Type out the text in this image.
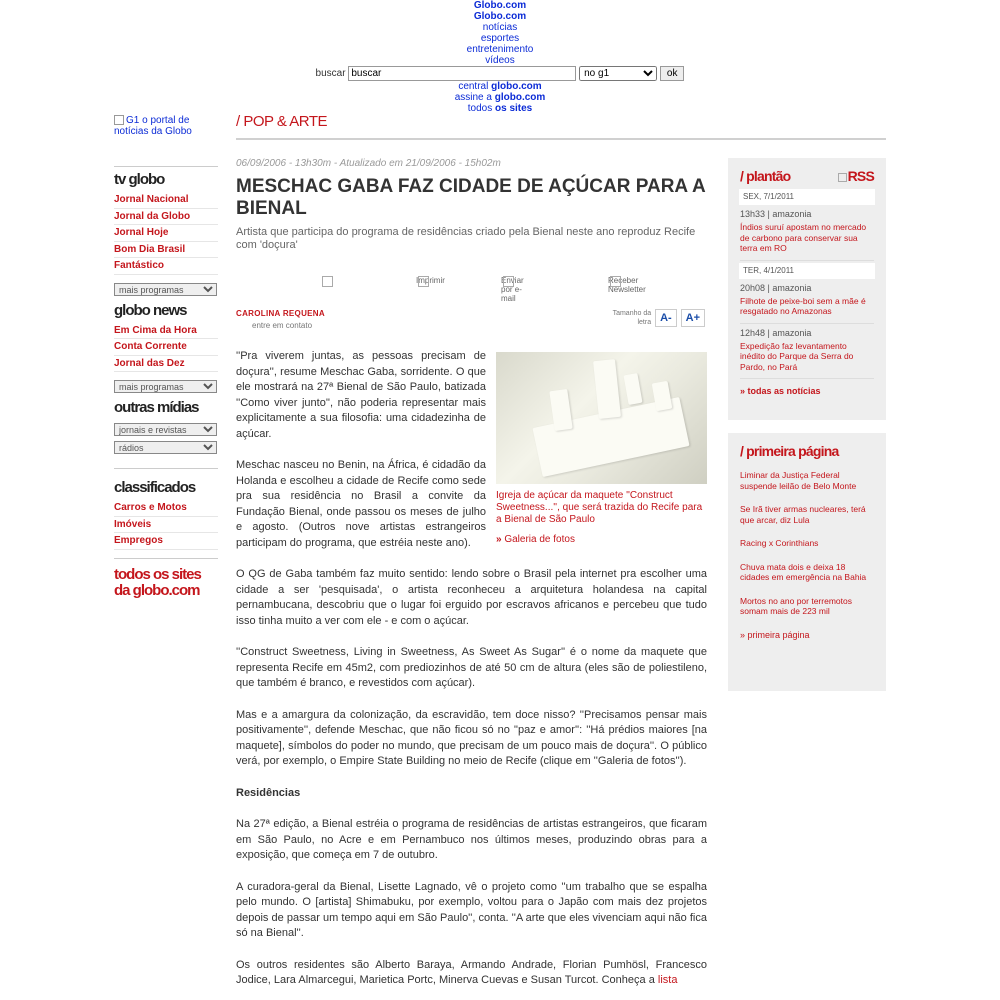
Globo.com
Globo.com
notícias
esportes
entretenimento
vídeos
buscar buscar
no g1	ok
central globo.com
assine a globo.com
todos os sites
G1 o portal de notícias da Globo
/ POP & ARTE
tv globo
Jornal Nacional
Jornal da Globo
Jornal Hoje
Bom Dia Brasil
Fantástico
mais programas
globo news
Em Cima da Hora
Conta Corrente
Jornal das Dez
mais programas
outras mídias
jornais e revistas
rádios
classificados
Carros e Motos
Imóveis
Empregos
todos os sites da globo.com
06/09/2006 - 13h30m - Atualizado em 21/09/2006 - 15h02m
MESCHAC GABA FAZ CIDADE DE AÇÚCAR PARA A BIENAL
Artista que participa do programa de residências criado pela Bienal neste ano reproduz Recife com 'doçura'
Imprimir	Enviar por e-mail
Receber Newsletter
CAROLINA REQUENA
entre em contato
Tamanho da letra A- A+
Igreja de açúcar da maquete ''Construct Sweetness...'', que será trazida do Recife para a Bienal de São Paulo
» Galeria de fotos

''Pra viverem juntas, as pessoas precisam de doçura'', resume Meschac Gaba, sorridente. O que ele mostrará na 27ª Bienal de São Paulo, batizada ''Como viver junto'', não poderia representar mais explicitamente a sua filosofia: uma cidadezinha de açúcar.

Meschac nasceu no Benin, na África, é cidadão da Holanda e escolheu a cidade de Recife como sede pra sua residência no Brasil a convite da Fundação Bienal, onde passou os meses de julho e agosto. (Outros nove artistas estrangeiros participam do programa, que estréia neste ano).

O QG de Gaba também faz muito sentido: lendo sobre o Brasil pela internet pra escolher uma cidade a ser 'pesquisada', o artista reconheceu a arquitetura holandesa na capital pernambucana, descobriu que o lugar foi erguido por escravos africanos e percebeu que tudo isso tinha muito a ver com ele - e com o açúcar.

''Construct Sweetness, Living in Sweetness, As Sweet As Sugar'' é o nome da maquete que representa Recife em 45m2, com prediozinhos de até 50 cm de altura (eles são de poliestileno, que também é branco, e revestidos com açúcar).

Mas e a amargura da colonização, da escravidão, tem doce nisso? ''Precisamos pensar mais positivamente'', defende Meschac, que não ficou só no ''paz e amor'': ''Há prédios maiores [na maquete], símbolos do poder no mundo, que precisam de um pouco mais de doçura''. O público verá, por exemplo, o Empire State Building no meio de Recife (clique em ''Galeria de fotos'').

Residências

Na 27ª edição, a Bienal estréia o programa de residências de artistas estrangeiros, que ficaram em São Paulo, no Acre e em Pernambuco nos últimos meses, produzindo obras para a exposição, que começa em 7 de outubro.

A curadora-geral da Bienal, Lisette Lagnado, vê o projeto como ''um trabalho que se espalha pelo mundo. O [artista] Shimabuku, por exemplo, voltou para o Japão com mais dez projetos depois de passar um tempo aqui em São Paulo'', conta. ''A arte que eles vivenciam aqui não fica só na Bienal''.

Os outros residentes são Alberto Baraya, Armando Andrade, Florian Pumhösl, Francesco Jodice, Lara Almarcegui, Marietica Portc, Minerva Cuevas e Susan Turcot. Conheça a lista

/ plantão	RSS
SEX, 7/1/2011
13h33 | amazonia
Índios suruí apostam no mercado de carbono para conservar sua terra em RO
TER, 4/1/2011
20h08 | amazonia
Filhote de peixe-boi sem a mãe é resgatado no Amazonas
12h48 | amazonia
Expedição faz levantamento inédito do Parque da Serra do Pardo, no Pará
» todas as notícias
/ primeira página
Liminar da Justiça Federal suspende leilão de Belo Monte
Se Irã tiver armas nucleares, terá que arcar, diz Lula
Racing x Corinthians
Chuva mata dois e deixa 18 cidades em emergência na Bahia
Mortos no ano por terremotos somam mais de 223 mil
» primeira página
